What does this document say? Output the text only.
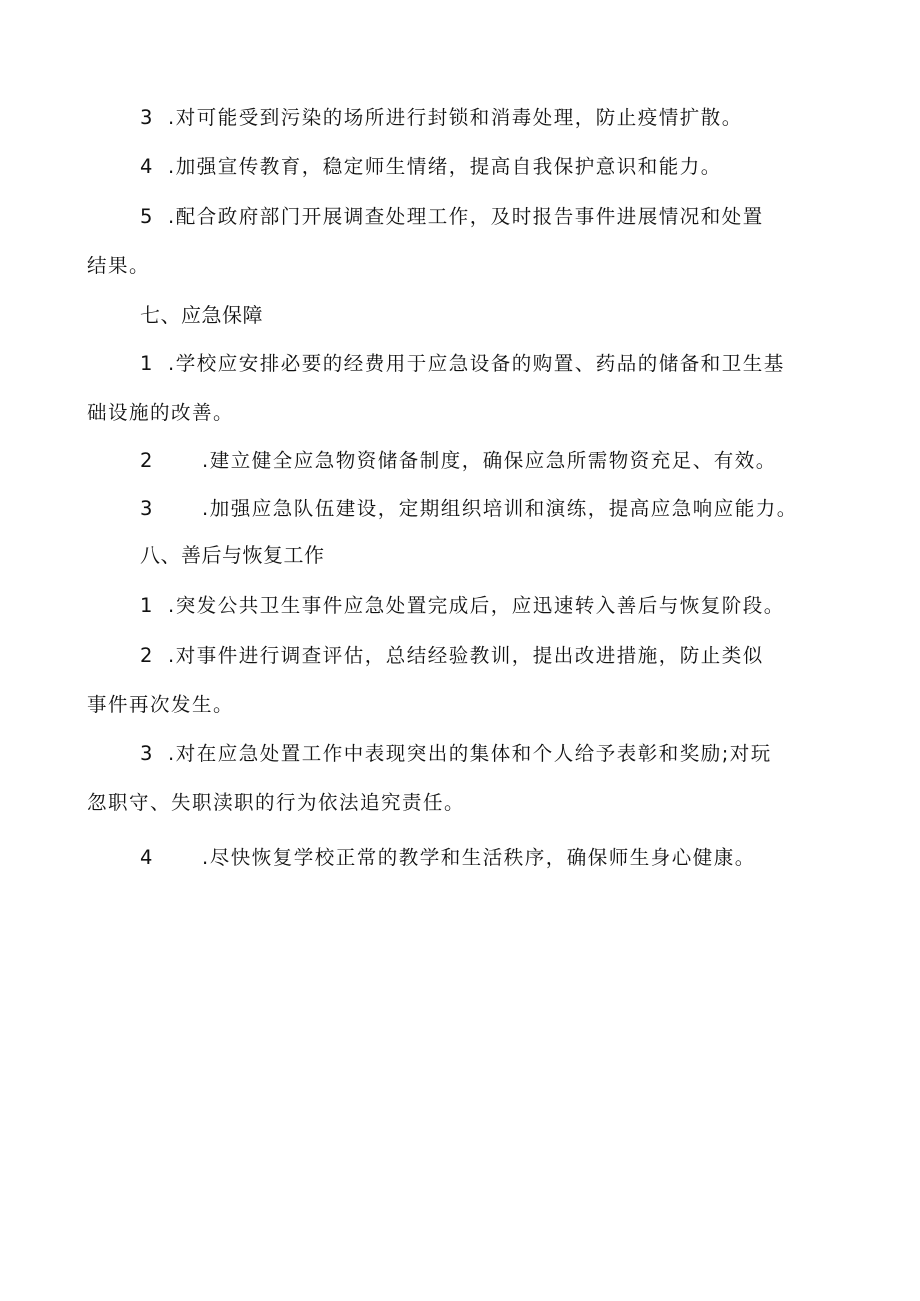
3 .对可能受到污染的场所进行封锁和消毒处理，防止疫情扩散。
4 .加强宣传教育，稳定师生情绪，提高自我保护意识和能力。
5 .配合政府部门开展调查处理工作，及时报告事件进展情况和处置
结果。
七、应急保障
1 .学校应安排必要的经费用于应急设备的购置、药品的储备和卫生基
础设施的改善。
2 .建立健全应急物资储备制度，确保应急所需物资充足、有效。
3 .加强应急队伍建设，定期组织培训和演练，提高应急响应能力。
八、善后与恢复工作
1 .突发公共卫生事件应急处置完成后，应迅速转入善后与恢复阶段。
2 .对事件进行调查评估，总结经验教训，提出改进措施，防止类似
事件再次发生。
3 .对在应急处置工作中表现突出的集体和个人给予表彰和奖励;对玩
忽职守、失职渎职的行为依法追究责任。
4 .尽快恢复学校正常的教学和生活秩序，确保师生身心健康。
